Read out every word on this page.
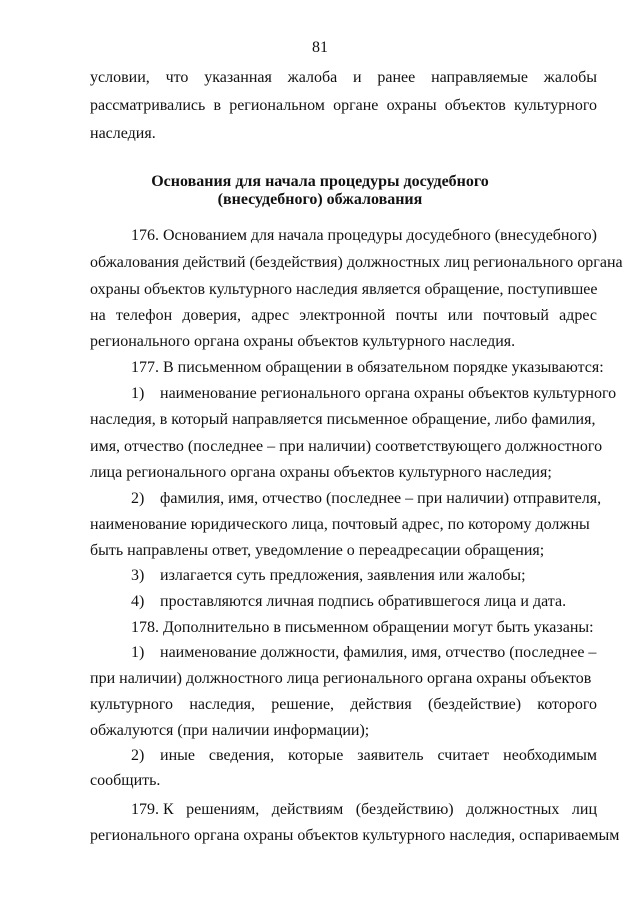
81
условии, что указанная жалоба и ранее направляемые жалобы
рассматривались в региональном органе охраны объектов культурного
наследия.
Основания для начала процедуры досудебного
(внесудебного) обжалования
176. Основанием для начала процедуры досудебного (внесудебного)
обжалования действий (бездействия) должностных лиц регионального органа
охраны объектов культурного наследия является обращение, поступившее
на телефон доверия, адрес электронной почты или почтовый адрес
регионального органа охраны объектов культурного наследия.
177. В письменном обращении в обязательном порядке указываются:
1) наименование регионального органа охраны объектов культурного
наследия, в который направляется письменное обращение, либо фамилия,
имя, отчество (последнее – при наличии) соответствующего должностного
лица регионального органа охраны объектов культурного наследия;
2) фамилия, имя, отчество (последнее – при наличии) отправителя,
наименование юридического лица, почтовый адрес, по которому должны
быть направлены ответ, уведомление о переадресации обращения;
3) излагается суть предложения, заявления или жалобы;
4) проставляются личная подпись обратившегося лица и дата.
178. Дополнительно в письменном обращении могут быть указаны:
1) наименование должности, фамилия, имя, отчество (последнее –
при наличии) должностного лица регионального органа охраны объектов
культурного наследия, решение, действия (бездействие) которого
обжалуются (при наличии информации);
2) иные сведения, которые заявитель считает необходимым
сообщить.
179. К решениям, действиям (бездействию) должностных лиц
регионального органа охраны объектов культурного наследия, оспариваемым
